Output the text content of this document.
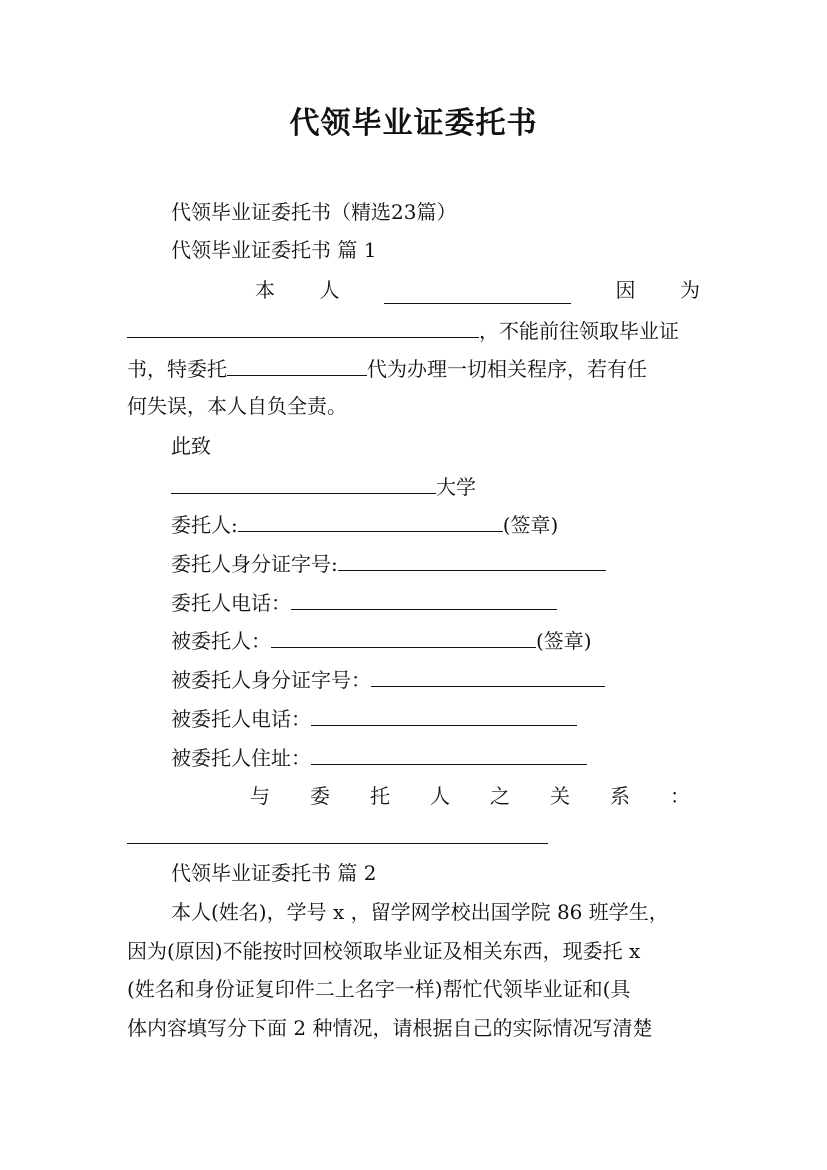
代领毕业证委托书
代领毕业证委托书（精选23篇）
代领毕业证委托书 篇 1
本 人	因 为
，不能前往领取毕业证
书，特委托	代为办理一切相关程序，若有任
何失误，本人自负全责。
此致
大学
委托人:	(签章)
委托人身分证字号:
委托人电话：
被委托人：	(签章)
被委托人身分证字号：
被委托人电话：
被委托人住址：
与 委 托 人 之 关 系 ：
代领毕业证委托书 篇 2
本人(姓名)，学号 x ，留学网学校出国学院 86 班学生，
因为(原因)不能按时回校领取毕业证及相关东西，现委托 x
(姓名和身份证复印件二上名字一样)帮忙代领毕业证和(具
体内容填写分下面 2 种情况，请根据自己的实际情况写清楚
